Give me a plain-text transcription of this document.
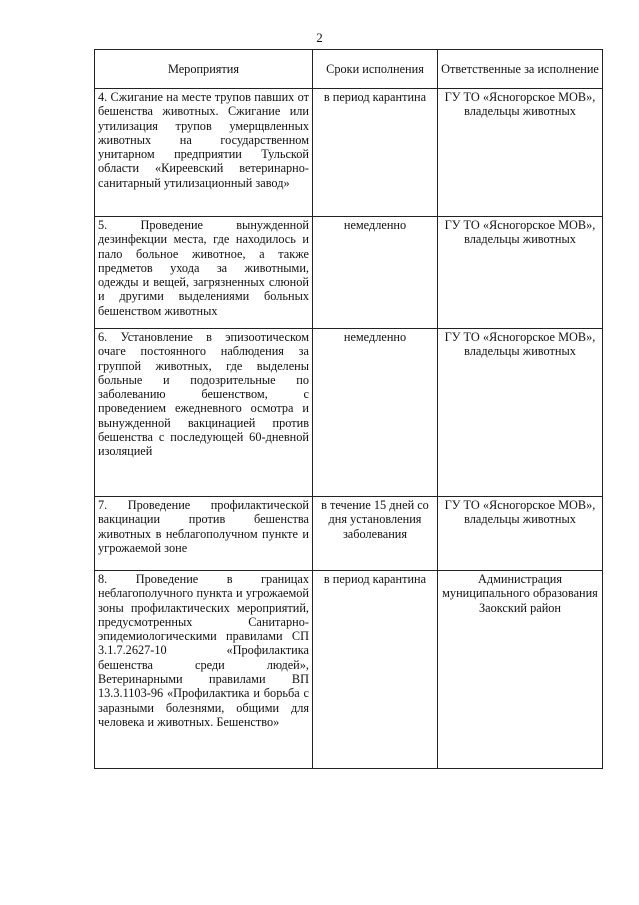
2
Мероприятия	Сроки исполнения	Ответственные за исполнение
4. Сжигание на месте трупов павших от бешенства животных. Сжигание или утилизация трупов умерщвленных животных на государственном унитарном предприятии Тульской области «Киреевский ветеринарно-санитарный утилизационный завод»	в период карантина	ГУ ТО «Ясногорское МОВ», владельцы животных
5. Проведение вынужденной дезинфекции места, где находилось и пало больное животное, а также предметов ухода за животными, одежды и вещей, загрязненных слюной и другими выделениями больных бешенством животных	немедленно	ГУ ТО «Ясногорское МОВ», владельцы животных
6. Установление в эпизоотическом очаге постоянного наблюдения за группой животных, где выделены больные и подозрительные по заболеванию бешенством, с проведением ежедневного осмотра и вынужденной вакцинацией против бешенства с последующей 60-дневной изоляцией	немедленно	ГУ ТО «Ясногорское МОВ», владельцы животных
7. Проведение профилактической вакцинации против бешенства животных в неблагополучном пункте и угрожаемой зоне	в течение 15 дней со дня установления заболевания	ГУ ТО «Ясногорское МОВ», владельцы животных
8. Проведение в границах неблагополучного пункта и угрожаемой зоны профилактических мероприятий, предусмотренных Санитарно-эпидемиологическими правилами СП 3.1.7.2627-10 «Профилактика бешенства среди людей», Ветеринарными правилами ВП 13.3.1103-96 «Профилактика и борьба с заразными болезнями, общими для человека и животных. Бешенство»	в период карантина	Администрация муниципального образования Заокский район
